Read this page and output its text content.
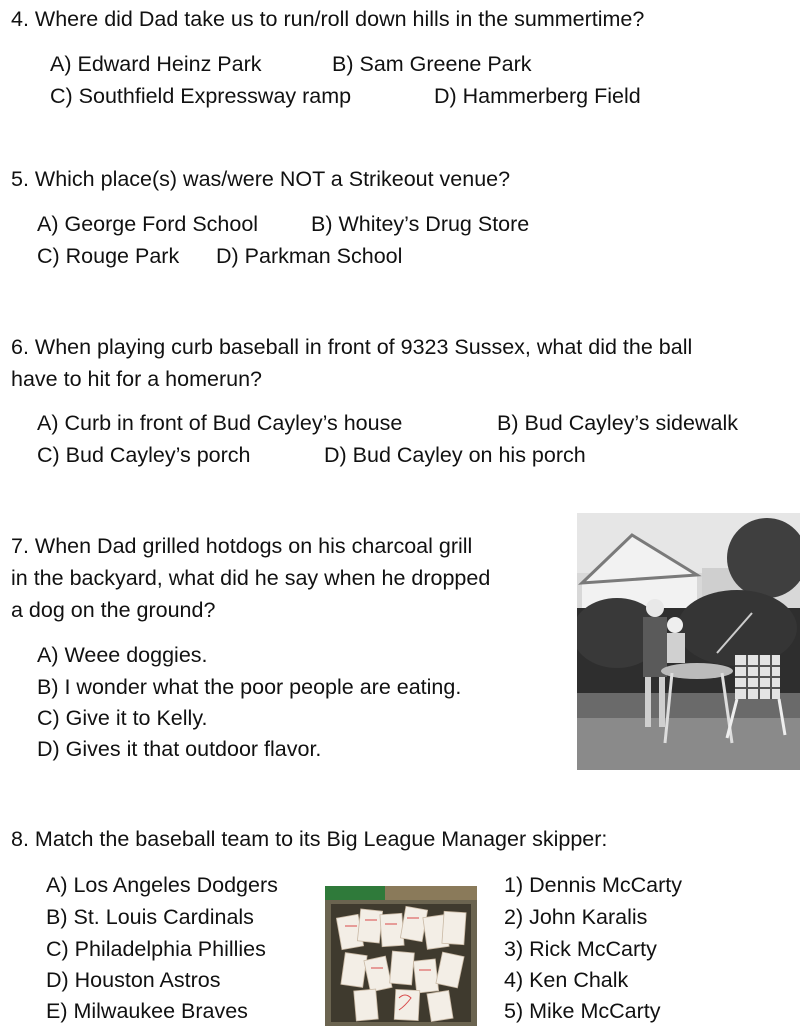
4. Where did Dad take us to run/roll down hills in the summertime?
A) Edward Heinz Park	B) Sam Greene Park
C) Southfield Expressway ramp	D) Hammerberg Field
5. Which place(s) was/were NOT a Strikeout venue?
A) George Ford School B) Whitey’s Drug Store
C) Rouge Park D) Parkman School
6. When playing curb baseball in front of 9323 Sussex, what did the ball
have to hit for a homerun?
A) Curb in front of Bud Cayley’s house	B) Bud Cayley’s sidewalk
C) Bud Cayley’s porch	D) Bud Cayley on his porch
7. When Dad grilled hotdogs on his charcoal grill
in the backyard, what did he say when he dropped
a dog on the ground?
A) Weee doggies.
B) I wonder what the poor people are eating.
C) Give it to Kelly.
D) Gives it that outdoor flavor.
8. Match the baseball team to its Big League Manager skipper:
A) Los Angeles Dodgers
B) St. Louis Cardinals
C) Philadelphia Phillies
D) Houston Astros
E) Milwaukee Braves
1) Dennis McCarty
2) John Karalis
3) Rick McCarty
4) Ken Chalk
5) Mike McCarty
